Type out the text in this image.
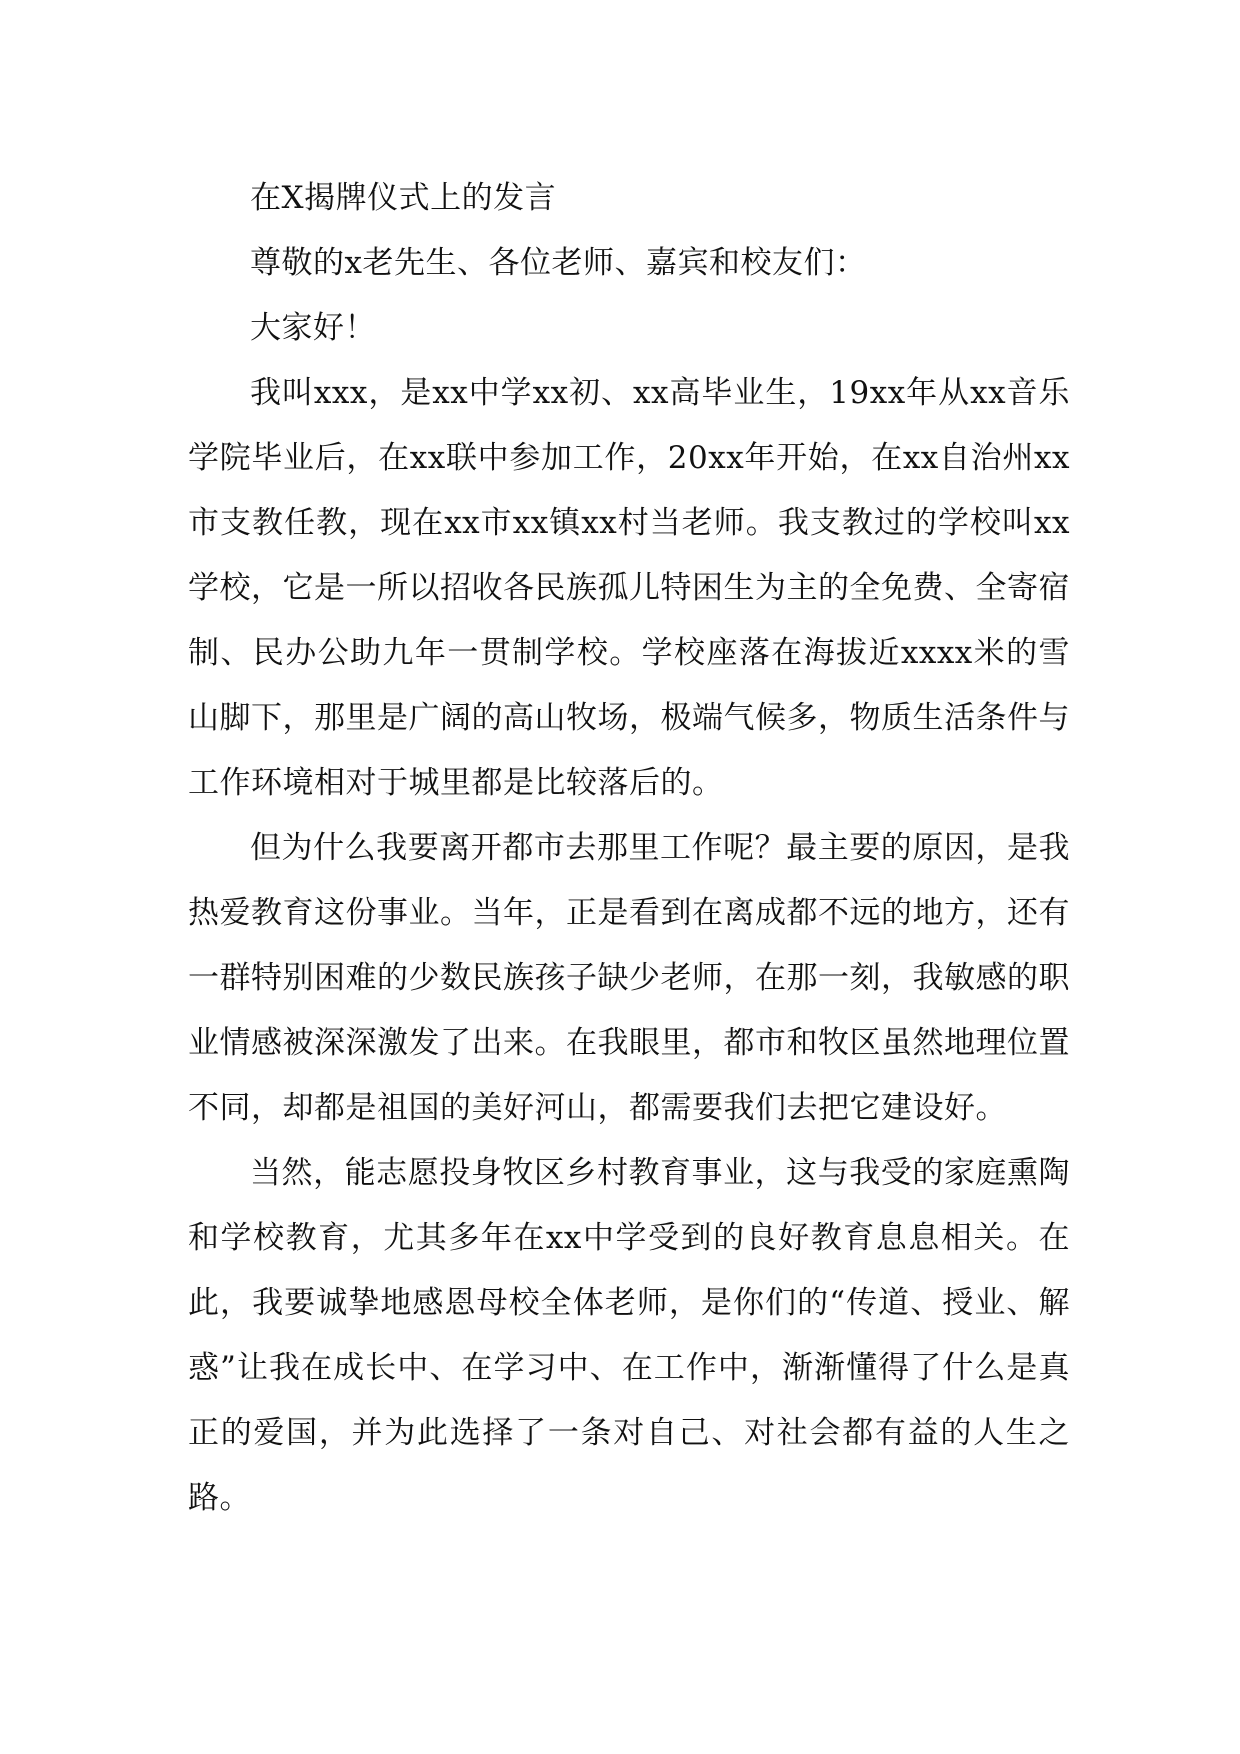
在X揭牌仪式上的发言

尊敬的x老先生、各位老师、嘉宾和校友们：

大家好！

我叫xxx，是xx中学xx初、xx高毕业生，19xx年从xx音乐学院毕业后，在xx联中参加工作，20xx年开始，在xx自治州xx市支教任教，现在xx市xx镇xx村当老师。我支教过的学校叫xx学校，它是一所以招收各民族孤儿特困生为主的全免费、全寄宿制、民办公助九年一贯制学校。学校座落在海拔近xxxx米的雪山脚下，那里是广阔的高山牧场，极端气候多，物质生活条件与工作环境相对于城里都是比较落后的。

但为什么我要离开都市去那里工作呢？最主要的原因，是我热爱教育这份事业。当年，正是看到在离成都不远的地方，还有一群特别困难的少数民族孩子缺少老师，在那一刻，我敏感的职业情感被深深激发了出来。在我眼里，都市和牧区虽然地理位置不同，却都是祖国的美好河山，都需要我们去把它建设好。

当然，能志愿投身牧区乡村教育事业，这与我受的家庭熏陶和学校教育，尤其多年在xx中学受到的良好教育息息相关。在此，我要诚挚地感恩母校全体老师，是你们的“传道、授业、解惑”让我在成长中、在学习中、在工作中，渐渐懂得了什么是真正的爱国，并为此选择了一条对自己、对社会都有益的人生之路。
